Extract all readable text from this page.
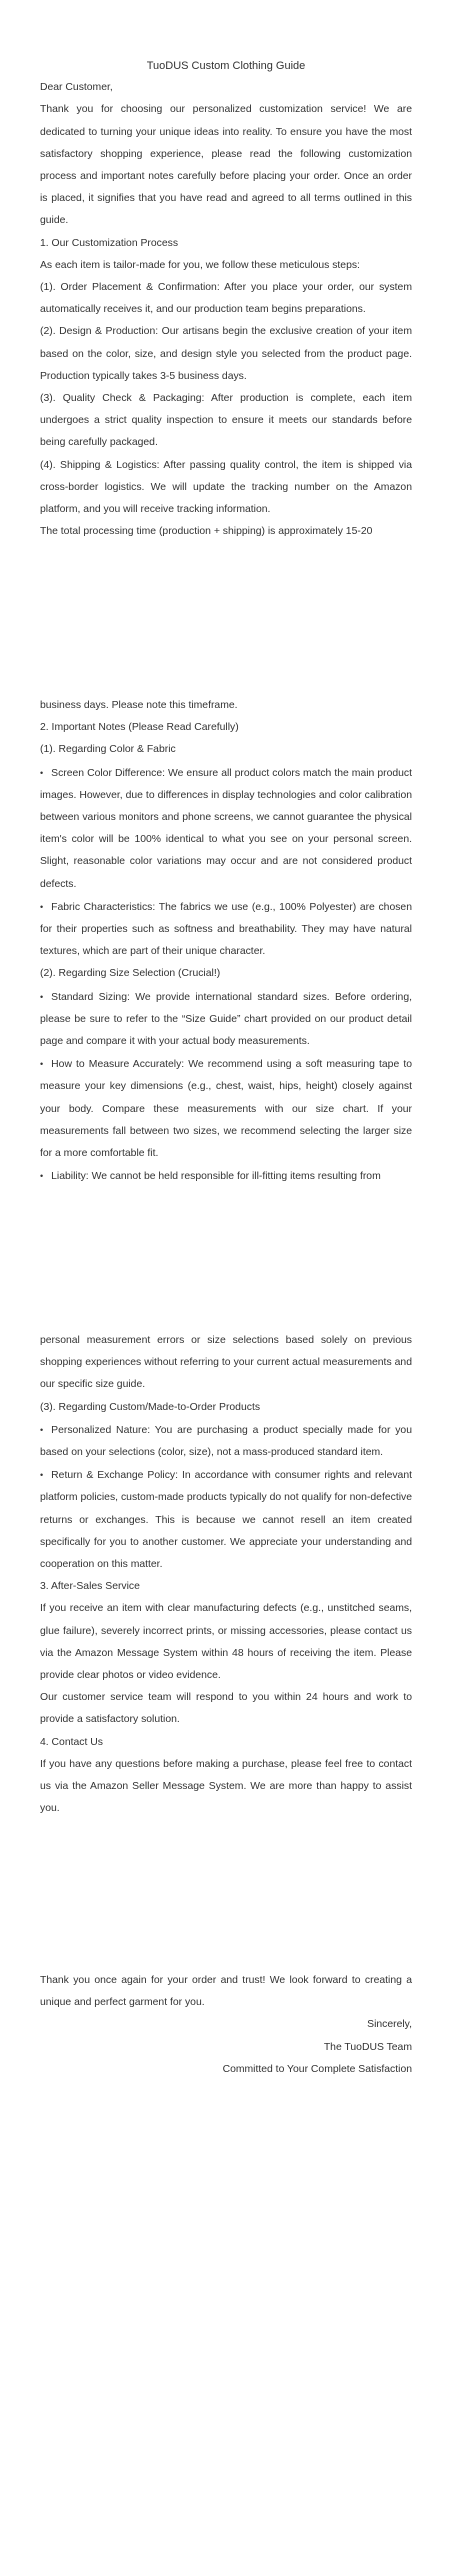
TuoDUS Custom Clothing Guide

Dear Customer,

Thank you for choosing our personalized customization service! We are dedicated to turning your unique ideas into reality. To ensure you have the most satisfactory shopping experience, please read the following customization process and important notes carefully before placing your order. Once an order is placed, it signifies that you have read and agreed to all terms outlined in this guide.

1. Our Customization Process

As each item is tailor-made for you, we follow these meticulous steps:

(1). Order Placement & Confirmation: After you place your order, our system automatically receives it, and our production team begins preparations.

(2). Design & Production: Our artisans begin the exclusive creation of your item based on the color, size, and design style you selected from the product page. Production typically takes 3-5 business days.

(3). Quality Check & Packaging: After production is complete, each item undergoes a strict quality inspection to ensure it meets our standards before being carefully packaged.

(4). Shipping & Logistics: After passing quality control, the item is shipped via cross-border logistics. We will update the tracking number on the Amazon platform, and you will receive tracking information.

The total processing time (production + shipping) is approximately 15-20

business days. Please note this timeframe.

2. Important Notes (Please Read Carefully)

(1). Regarding Color & Fabric

• Screen Color Difference: We ensure all product colors match the main product images. However, due to differences in display technologies and color calibration between various monitors and phone screens, we cannot guarantee the physical item's color will be 100% identical to what you see on your personal screen. Slight, reasonable color variations may occur and are not considered product defects.

• Fabric Characteristics: The fabrics we use (e.g., 100% Polyester) are chosen for their properties such as softness and breathability. They may have natural textures, which are part of their unique character.

(2). Regarding Size Selection (Crucial!)

• Standard Sizing: We provide international standard sizes. Before ordering, please be sure to refer to the “Size Guide” chart provided on our product detail page and compare it with your actual body measurements.

• How to Measure Accurately: We recommend using a soft measuring tape to measure your key dimensions (e.g., chest, waist, hips, height) closely against your body. Compare these measurements with our size chart. If your measurements fall between two sizes, we recommend selecting the larger size for a more comfortable fit.

• Liability: We cannot be held responsible for ill-fitting items resulting from

personal measurement errors or size selections based solely on previous shopping experiences without referring to your current actual measurements and our specific size guide.

(3). Regarding Custom/Made-to-Order Products

• Personalized Nature: You are purchasing a product specially made for you based on your selections (color, size), not a mass-produced standard item.

• Return & Exchange Policy: In accordance with consumer rights and relevant platform policies, custom-made products typically do not qualify for non-defective returns or exchanges. This is because we cannot resell an item created specifically for you to another customer. We appreciate your understanding and cooperation on this matter.

3. After-Sales Service

If you receive an item with clear manufacturing defects (e.g., unstitched seams, glue failure), severely incorrect prints, or missing accessories, please contact us via the Amazon Message System within 48 hours of receiving the item. Please provide clear photos or video evidence.

Our customer service team will respond to you within 24 hours and work to provide a satisfactory solution.

4. Contact Us

If you have any questions before making a purchase, please feel free to contact us via the Amazon Seller Message System. We are more than happy to assist you.

Thank you once again for your order and trust! We look forward to creating a unique and perfect garment for you.

Sincerely,

The TuoDUS Team

Committed to Your Complete Satisfaction
